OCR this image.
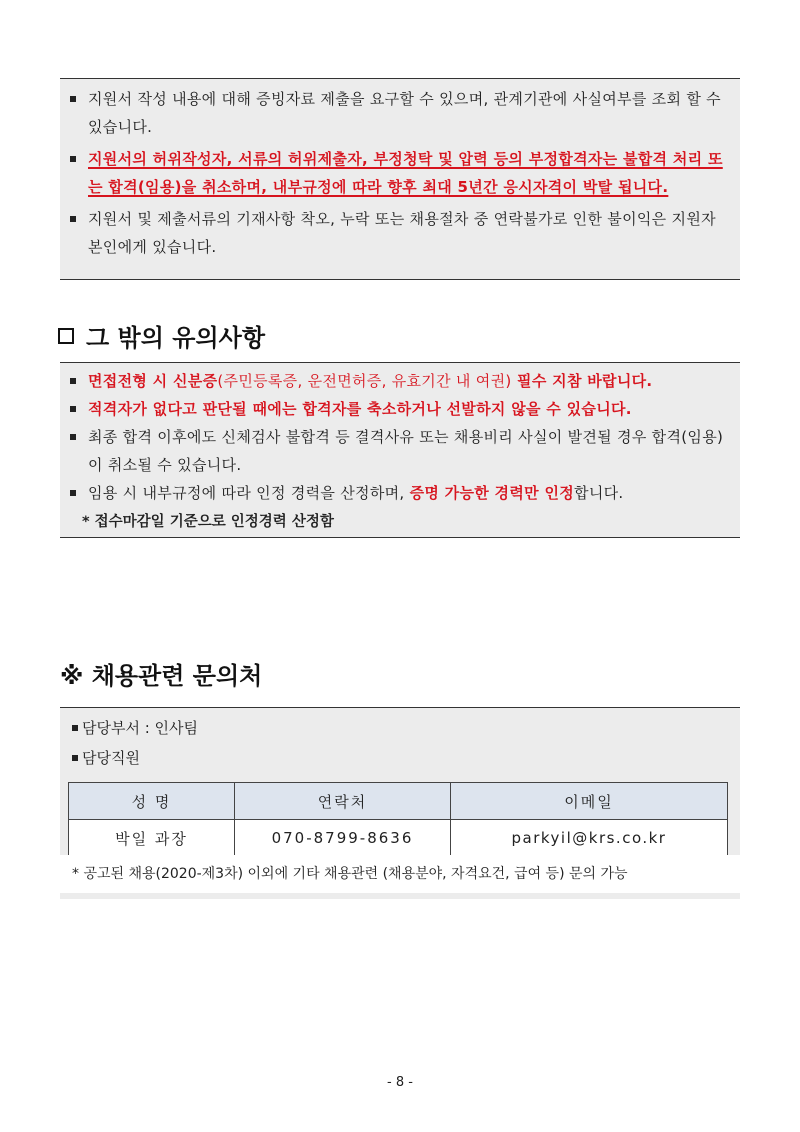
지원서 작성 내용에 대해 증빙자료 제출을 요구할 수 있으며, 관계기관에 사실여부를 조회 할 수 있습니다.
지원서의 허위작성자, 서류의 허위제출자, 부정청탁 및 압력 등의 부정합격자는 불합격 처리 또는 합격(임용)을 취소하며, 내부규정에 따라 향후 최대 5년간 응시자격이 박탈 됩니다.
지원서 및 제출서류의 기재사항 착오, 누락 또는 채용절차 중 연락불가로 인한 불이익은 지원자 본인에게 있습니다.
그 밖의 유의사항
면접전형 시 신분증(주민등록증, 운전면허증, 유효기간 내 여권) 필수 지참 바랍니다.
적격자가 없다고 판단될 때에는 합격자를 축소하거나 선발하지 않을 수 있습니다.
최종 합격 이후에도 신체검사 불합격 등 결격사유 또는 채용비리 사실이 발견될 경우 합격(임용)이 취소될 수 있습니다.
임용 시 내부규정에 따라 인정 경력을 산정하며, 증명 가능한 경력만 인정합니다.
* 접수마감일 기준으로 인정경력 산정함
※ 채용관련 문의처
담당부서 : 인사팀
담당직원
성 명	연락처	이메일
박일 과장	070-8799-8636	parkyil@krs.co.kr
* 공고된 채용(2020-제3차) 이외에 기타 채용관련 (채용분야, 자격요건, 급여 등) 문의 가능
- 8 -
